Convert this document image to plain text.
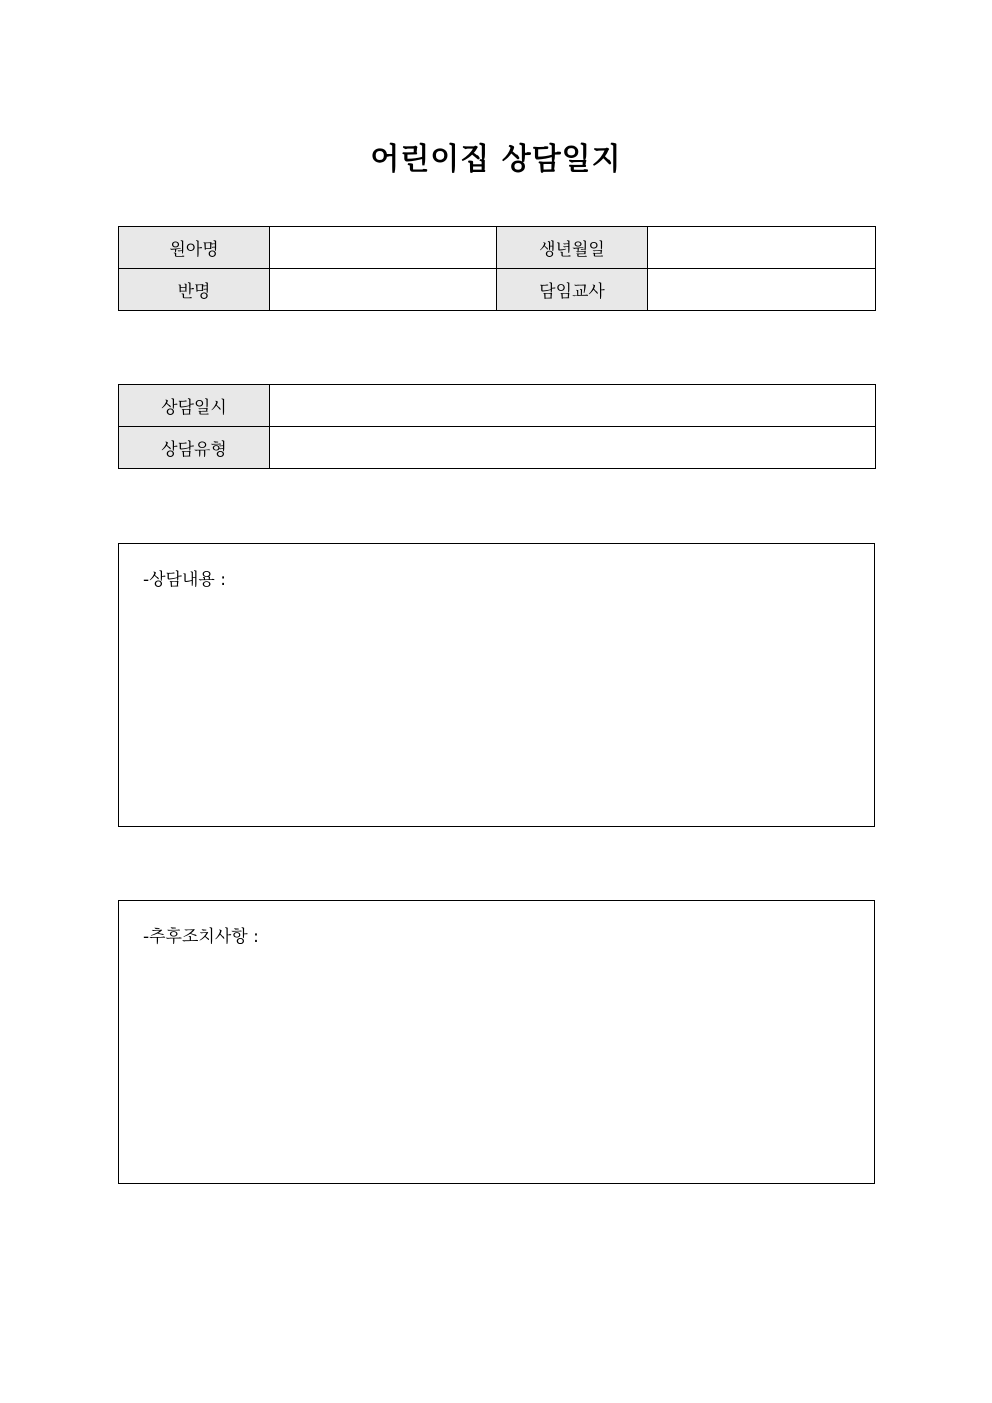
어린이집 상담일지
원아명		생년월일	
반명		담임교사	
상담일시	
상담유형	
-상담내용 :
-추후조치사항 :
